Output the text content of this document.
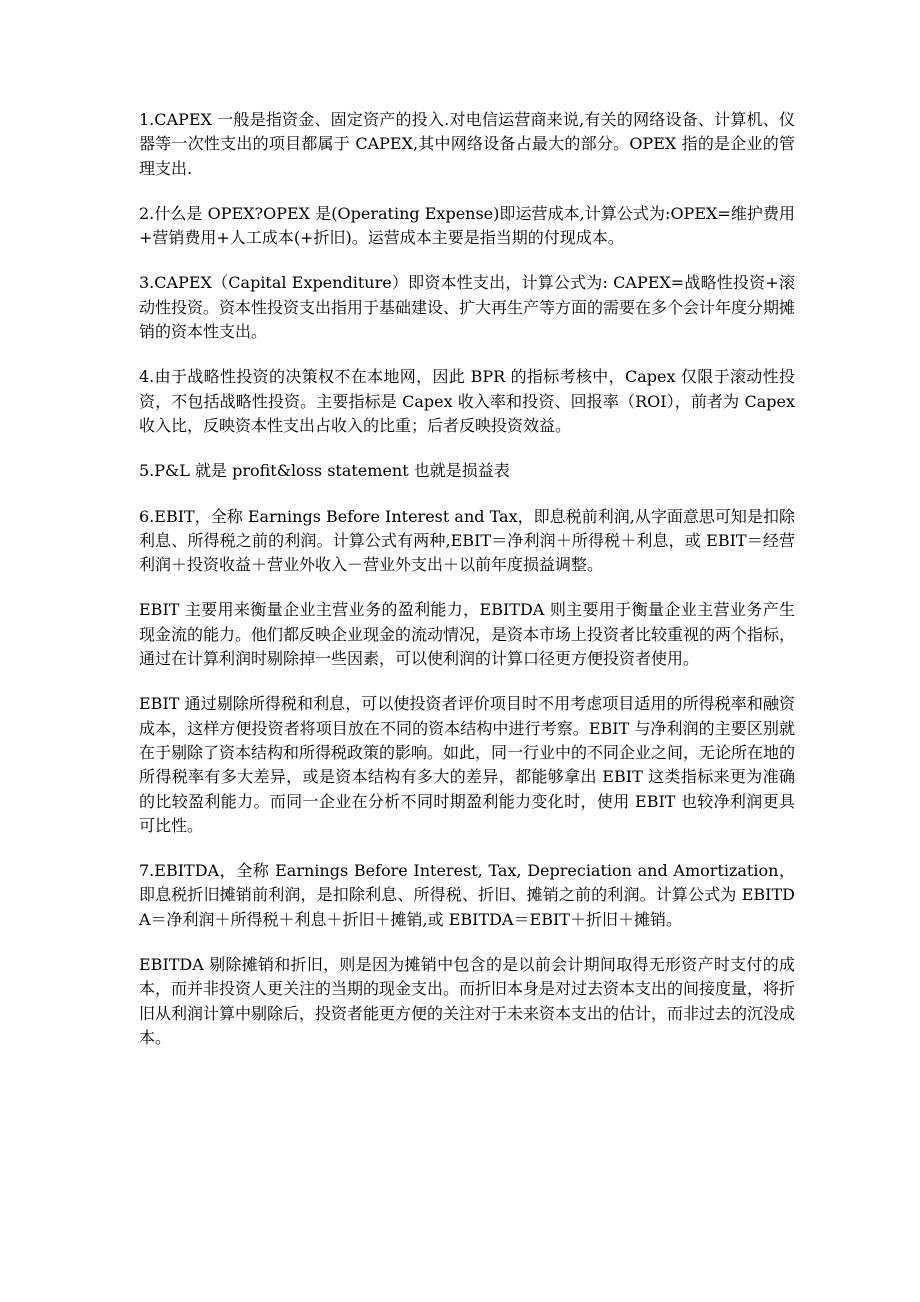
1.CAPEX 一般是指资金、固定资产的投入.对电信运营商来说,有关的网络设备、计算机、仪器等一次性支出的项目都属于 CAPEX,其中网络设备占最大的部分。OPEX 指的是企业的管理支出.

2.什么是 OPEX?OPEX 是(Operating Expense)即运营成本,计算公式为:OPEX=维护费用+营销费用+人工成本(+折旧)。运营成本主要是指当期的付现成本。

3.CAPEX（Capital Expenditure）即资本性支出，计算公式为: CAPEX=战略性投资+滚动性投资。资本性投资支出指用于基础建设、扩大再生产等方面的需要在多个会计年度分期摊销的资本性支出。

4.由于战略性投资的决策权不在本地网，因此 BPR 的指标考核中，Capex 仅限于滚动性投资，不包括战略性投资。主要指标是 Capex 收入率和投资、回报率（ROI），前者为 Capex 收入比，反映资本性支出占收入的比重；后者反映投资效益。

5.P&L 就是 profit&loss statement 也就是损益表

6.EBIT，全称 Earnings Before Interest and Tax，即息税前利润,从字面意思可知是扣除利息、所得税之前的利润。计算公式有两种,EBIT＝净利润＋所得税＋利息，或 EBIT＝经营利润＋投资收益＋营业外收入－营业外支出＋以前年度损益调整。

EBIT 主要用来衡量企业主营业务的盈利能力，EBITDA 则主要用于衡量企业主营业务产生现金流的能力。他们都反映企业现金的流动情况，是资本市场上投资者比较重视的两个指标，通过在计算利润时剔除掉一些因素，可以使利润的计算口径更方便投资者使用。

EBIT 通过剔除所得税和利息，可以使投资者评价项目时不用考虑项目适用的所得税率和融资成本，这样方便投资者将项目放在不同的资本结构中进行考察。EBIT 与净利润的主要区别就在于剔除了资本结构和所得税政策的影响。如此，同一行业中的不同企业之间，无论所在地的所得税率有多大差异，或是资本结构有多大的差异，都能够拿出 EBIT 这类指标来更为准确的比较盈利能力。而同一企业在分析不同时期盈利能力变化时，使用 EBIT 也较净利润更具可比性。

7.EBITDA，全称 Earnings Before Interest, Tax, Depreciation and Amortization，即息税折旧摊销前利润，是扣除利息、所得税、折旧、摊销之前的利润。计算公式为 EBITDA＝净利润＋所得税＋利息＋折旧＋摊销,或 EBITDA＝EBIT＋折旧＋摊销。

EBITDA 剔除摊销和折旧，则是因为摊销中包含的是以前会计期间取得无形资产时支付的成本，而并非投资人更关注的当期的现金支出。而折旧本身是对过去资本支出的间接度量，将折旧从利润计算中剔除后，投资者能更方便的关注对于未来资本支出的估计，而非过去的沉没成本。
